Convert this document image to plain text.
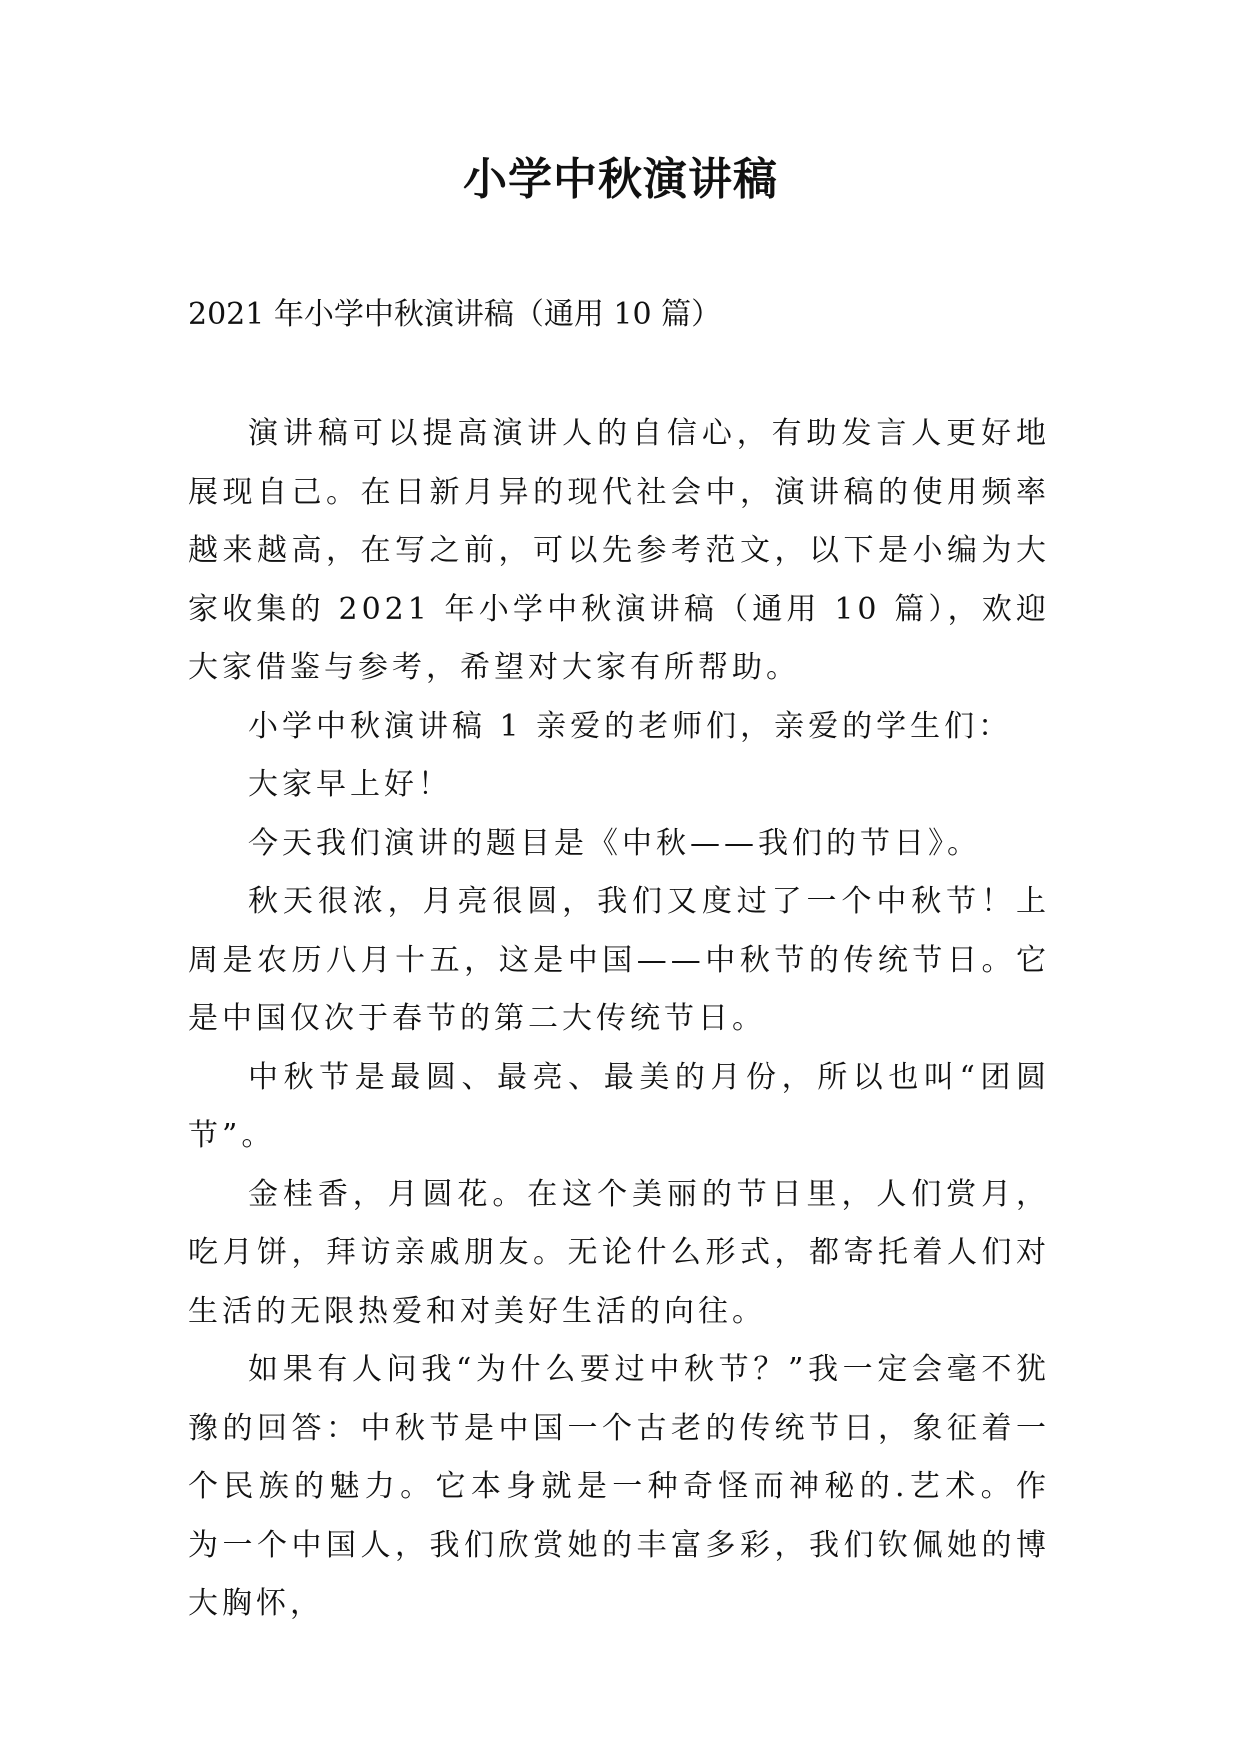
小学中秋演讲稿

2021 年小学中秋演讲稿（通用 10 篇）

演讲稿可以提高演讲人的自信心，有助发言人更好地展现自己。在日新月异的现代社会中，演讲稿的使用频率越来越高，在写之前，可以先参考范文，以下是小编为大家收集的 2021 年小学中秋演讲稿（通用 10 篇），欢迎大家借鉴与参考，希望对大家有所帮助。

小学中秋演讲稿 1 亲爱的老师们，亲爱的学生们：

大家早上好！

今天我们演讲的题目是《中秋——我们的节日》。

秋天很浓，月亮很圆，我们又度过了一个中秋节！上周是农历八月十五，这是中国——中秋节的传统节日。它是中国仅次于春节的第二大传统节日。

中秋节是最圆、最亮、最美的月份，所以也叫“团圆节”。

金桂香，月圆花。在这个美丽的节日里，人们赏月，吃月饼，拜访亲戚朋友。无论什么形式，都寄托着人们对生活的无限热爱和对美好生活的向往。

如果有人问我“为什么要过中秋节？”我一定会毫不犹豫的回答：中秋节是中国一个古老的传统节日，象征着一个民族的魅力。它本身就是一种奇怪而神秘的.艺术。作为一个中国人，我们欣赏她的丰富多彩，我们钦佩她的博大胸怀，
